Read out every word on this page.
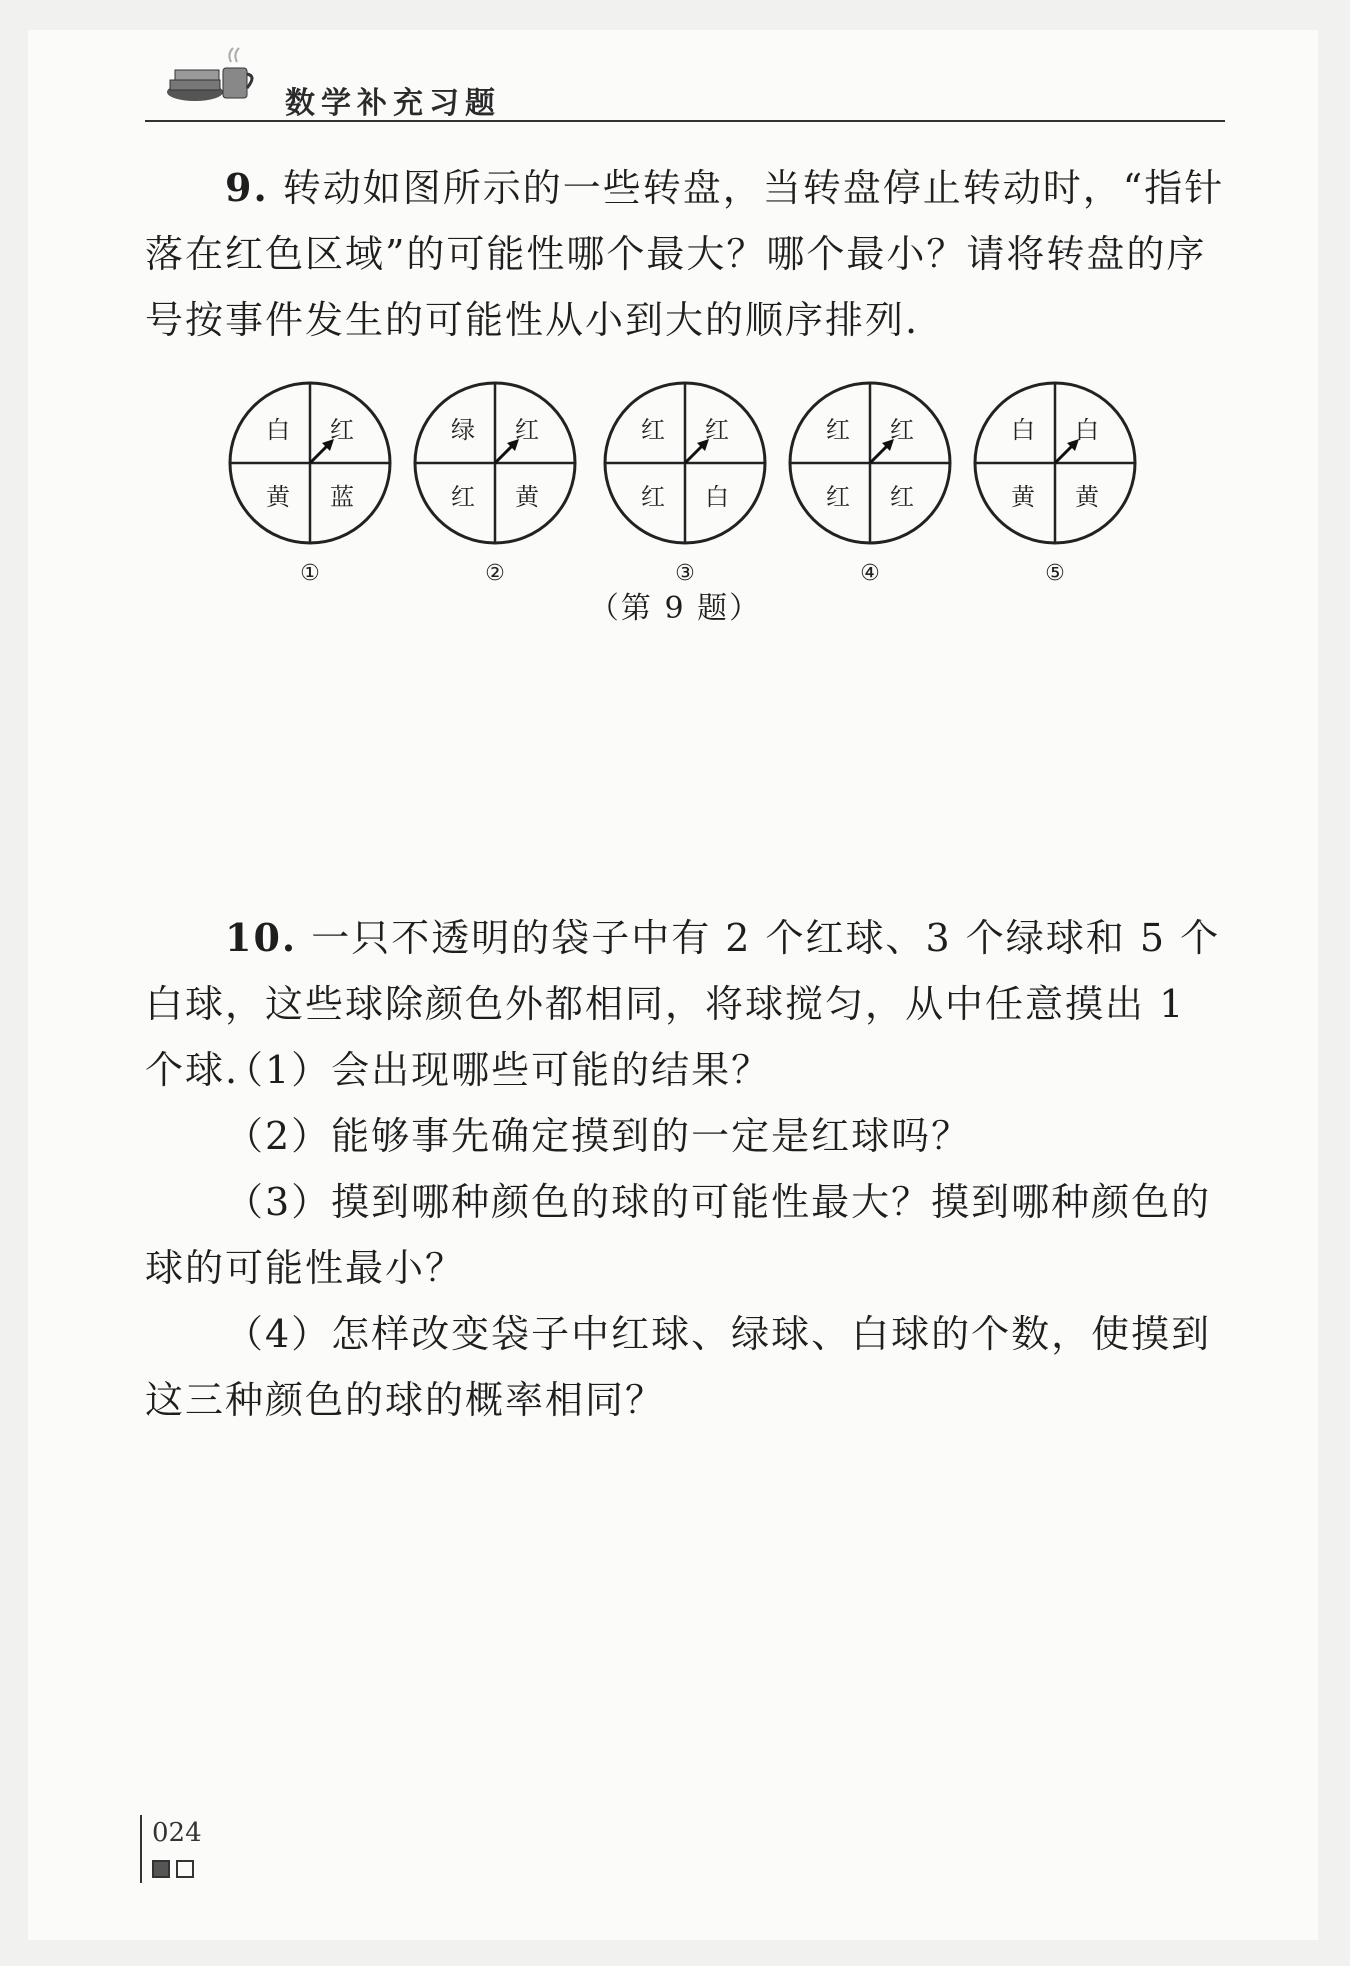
数学补充习题
9. 转动如图所示的一些转盘，当转盘停止转动时，“指针落在红色区域”的可能性哪个最大？哪个最小？请将转盘的序号按事件发生的可能性从小到大的顺序排列.
白 红
黄 蓝
①
绿 红
红 黄
②
红 红
红 白
③
红 红
红 红
④
白 白
黄 黄
⑤
（第 9 题）
10. 一只不透明的袋子中有 2 个红球、3 个绿球和 5 个白球，这些球除颜色外都相同，将球搅匀，从中任意摸出 1 个球.
（1）会出现哪些可能的结果？
（2）能够事先确定摸到的一定是红球吗？
（3）摸到哪种颜色的球的可能性最大？摸到哪种颜色的球的可能性最小？
（4）怎样改变袋子中红球、绿球、白球的个数，使摸到这三种颜色的球的概率相同？
024
